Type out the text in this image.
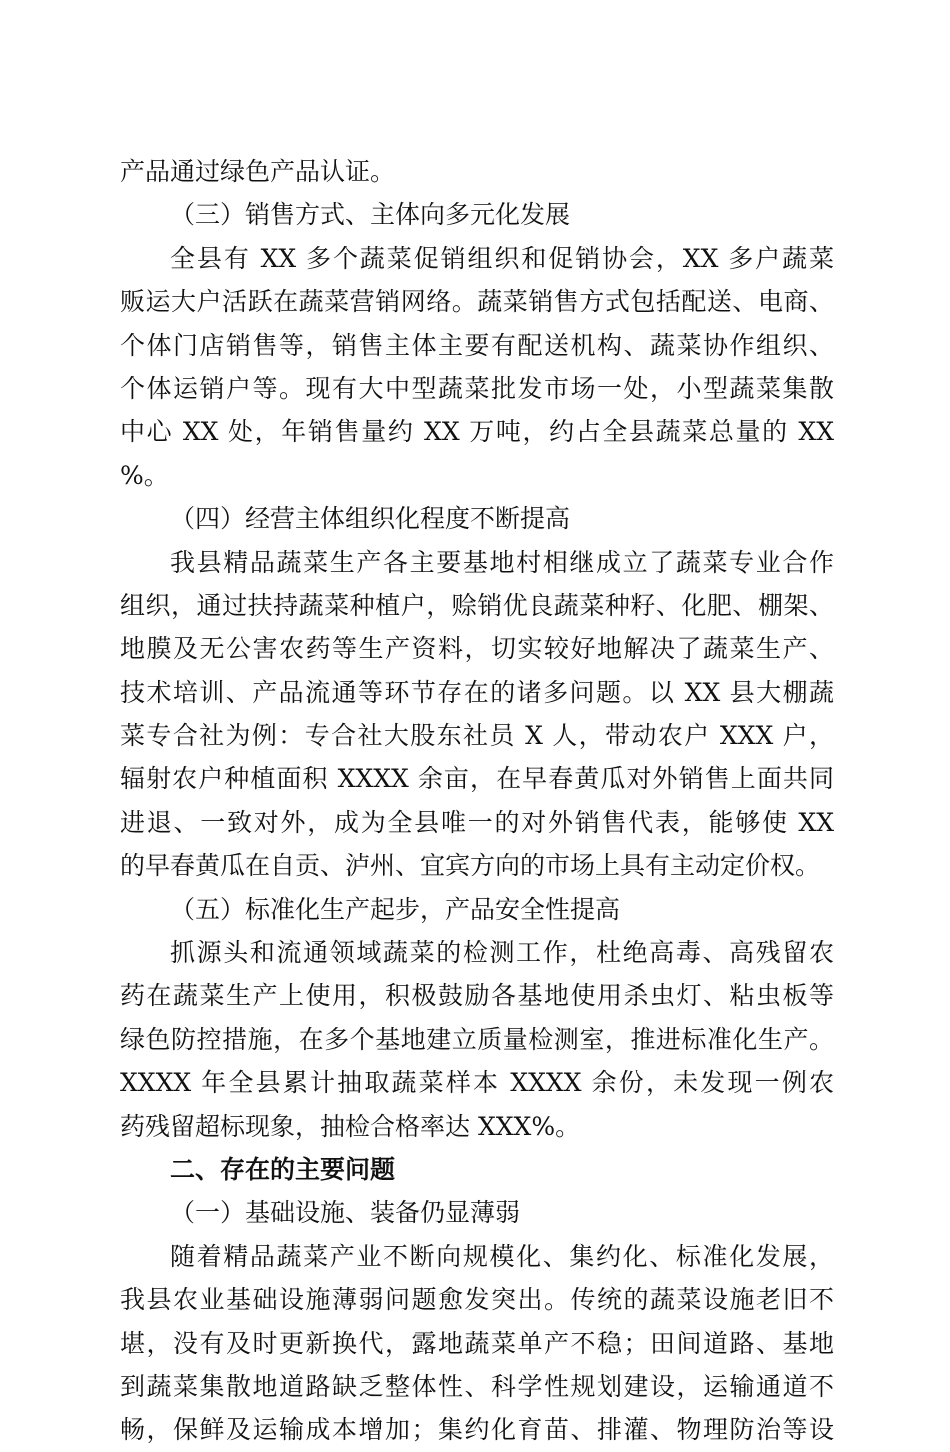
产品通过绿色产品认证。
（三）销售方式、主体向多元化发展
全县有 XX 多个蔬菜促销组织和促销协会，XX 多户蔬菜
贩运大户活跃在蔬菜营销网络。蔬菜销售方式包括配送、电商、
个体门店销售等，销售主体主要有配送机构、蔬菜协作组织、
个体运销户等。现有大中型蔬菜批发市场一处，小型蔬菜集散
中心 XX 处，年销售量约 XX 万吨，约占全县蔬菜总量的 XX
%。
（四）经营主体组织化程度不断提高
我县精品蔬菜生产各主要基地村相继成立了蔬菜专业合作
组织，通过扶持蔬菜种植户，赊销优良蔬菜种籽、化肥、棚架、
地膜及无公害农药等生产资料，切实较好地解决了蔬菜生产、
技术培训、产品流通等环节存在的诸多问题。以 XX 县大棚蔬
菜专合社为例：专合社大股东社员 X 人，带动农户 XXX 户，
辐射农户种植面积 XXXX 余亩，在早春黄瓜对外销售上面共同
进退、一致对外，成为全县唯一的对外销售代表，能够使 XX
的早春黄瓜在自贡、泸州、宜宾方向的市场上具有主动定价权。
（五）标准化生产起步，产品安全性提高
抓源头和流通领域蔬菜的检测工作，杜绝高毒、高残留农
药在蔬菜生产上使用，积极鼓励各基地使用杀虫灯、粘虫板等
绿色防控措施，在多个基地建立质量检测室，推进标准化生产。
XXXX 年全县累计抽取蔬菜样本 XXXX 余份，未发现一例农
药残留超标现象，抽检合格率达 XXX%。
二、存在的主要问题
（一）基础设施、装备仍显薄弱
随着精品蔬菜产业不断向规模化、集约化、标准化发展，
我县农业基础设施薄弱问题愈发突出。传统的蔬菜设施老旧不
堪，没有及时更新换代，露地蔬菜单产不稳；田间道路、基地
到蔬菜集散地道路缺乏整体性、科学性规划建设，运输通道不
畅，保鲜及运输成本增加；集约化育苗、排灌、物理防治等设
